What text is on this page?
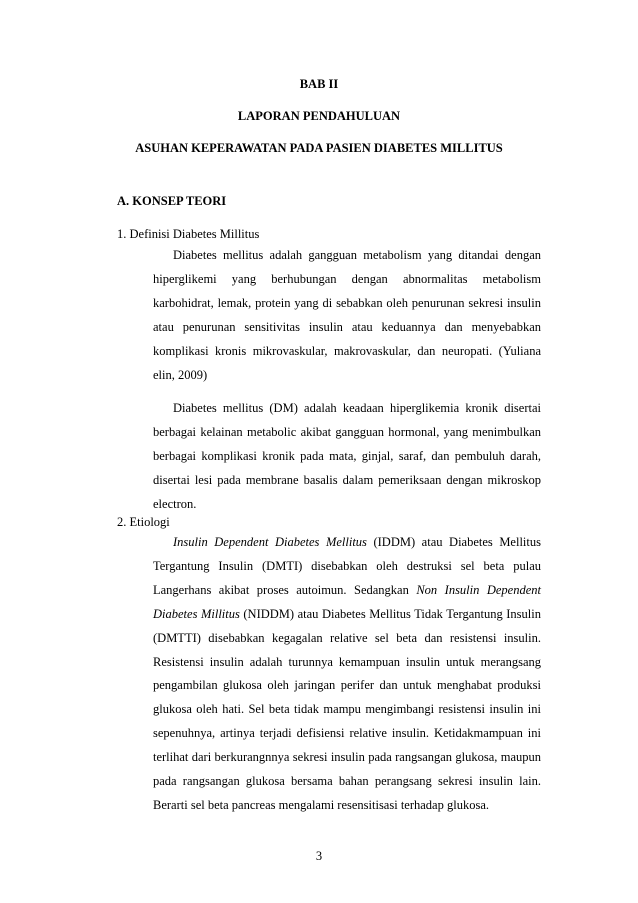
BAB II
LAPORAN PENDAHULUAN
ASUHAN KEPERAWATAN PADA PASIEN DIABETES MILLITUS
A. KONSEP TEORI
1. Definisi Diabetes Millitus
Diabetes mellitus adalah gangguan metabolism yang ditandai dengan hiperglikemi yang berhubungan dengan abnormalitas metabolism karbohidrat, lemak, protein yang di sebabkan oleh penurunan sekresi insulin atau penurunan sensitivitas insulin atau keduannya dan menyebabkan komplikasi kronis mikrovaskular, makrovaskular, dan neuropati. (Yuliana elin, 2009)
Diabetes mellitus (DM) adalah keadaan hiperglikemia kronik disertai berbagai kelainan metabolic akibat gangguan hormonal, yang menimbulkan berbagai komplikasi kronik pada mata, ginjal, saraf, dan pembuluh darah, disertai lesi pada membrane basalis dalam pemeriksaan dengan mikroskop electron.
2. Etiologi
Insulin Dependent Diabetes Mellitus (IDDM) atau Diabetes Mellitus Tergantung Insulin (DMTI) disebabkan oleh destruksi sel beta pulau Langerhans akibat proses autoimun. Sedangkan Non Insulin Dependent Diabetes Millitus (NIDDM) atau Diabetes Mellitus Tidak Tergantung Insulin (DMTTI) disebabkan kegagalan relative sel beta dan resistensi insulin. Resistensi insulin adalah turunnya kemampuan insulin untuk merangsang pengambilan glukosa oleh jaringan perifer dan untuk menghabat produksi glukosa oleh hati. Sel beta tidak mampu mengimbangi resistensi insulin ini sepenuhnya, artinya terjadi defisiensi relative insulin. Ketidakmampuan ini terlihat dari berkurangnnya sekresi insulin pada rangsangan glukosa, maupun pada rangsangan glukosa bersama bahan perangsang sekresi insulin lain. Berarti sel beta pancreas mengalami resensitisasi terhadap glukosa.
3
